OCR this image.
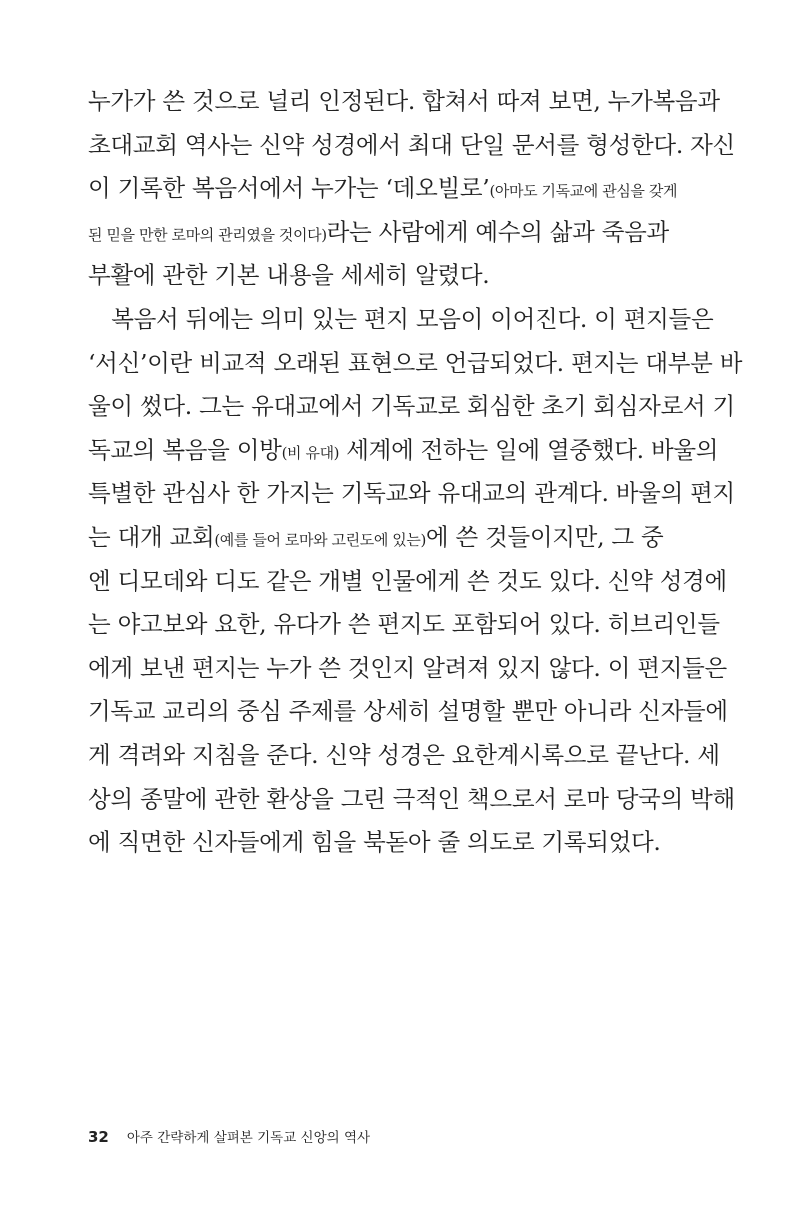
누가가 쓴 것으로 널리 인정된다. 합쳐서 따져 보면, 누가복음과
초대교회 역사는 신약 성경에서 최대 단일 문서를 형성한다. 자신
이 기록한 복음서에서 누가는 ‘데오빌로’(아마도 기독교에 관심을 갖게
된 믿을 만한 로마의 관리였을 것이다)라는 사람에게 예수의 삶과 죽음과
부활에 관한 기본 내용을 세세히 알렸다.
　복음서 뒤에는 의미 있는 편지 모음이 이어진다. 이 편지들은
‘서신’이란 비교적 오래된 표현으로 언급되었다. 편지는 대부분 바
울이 썼다. 그는 유대교에서 기독교로 회심한 초기 회심자로서 기
독교의 복음을 이방(비 유대) 세계에 전하는 일에 열중했다. 바울의
특별한 관심사 한 가지는 기독교와 유대교의 관계다. 바울의 편지
는 대개 교회(예를 들어 로마와 고린도에 있는)에 쓴 것들이지만, 그 중
엔 디모데와 디도 같은 개별 인물에게 쓴 것도 있다. 신약 성경에
는 야고보와 요한, 유다가 쓴 편지도 포함되어 있다. 히브리인들
에게 보낸 편지는 누가 쓴 것인지 알려져 있지 않다. 이 편지들은
기독교 교리의 중심 주제를 상세히 설명할 뿐만 아니라 신자들에
게 격려와 지침을 준다. 신약 성경은 요한계시록으로 끝난다. 세
상의 종말에 관한 환상을 그린 극적인 책으로서 로마 당국의 박해
에 직면한 신자들에게 힘을 북돋아 줄 의도로 기록되었다.
32 아주 간략하게 살펴본 기독교 신앙의 역사
